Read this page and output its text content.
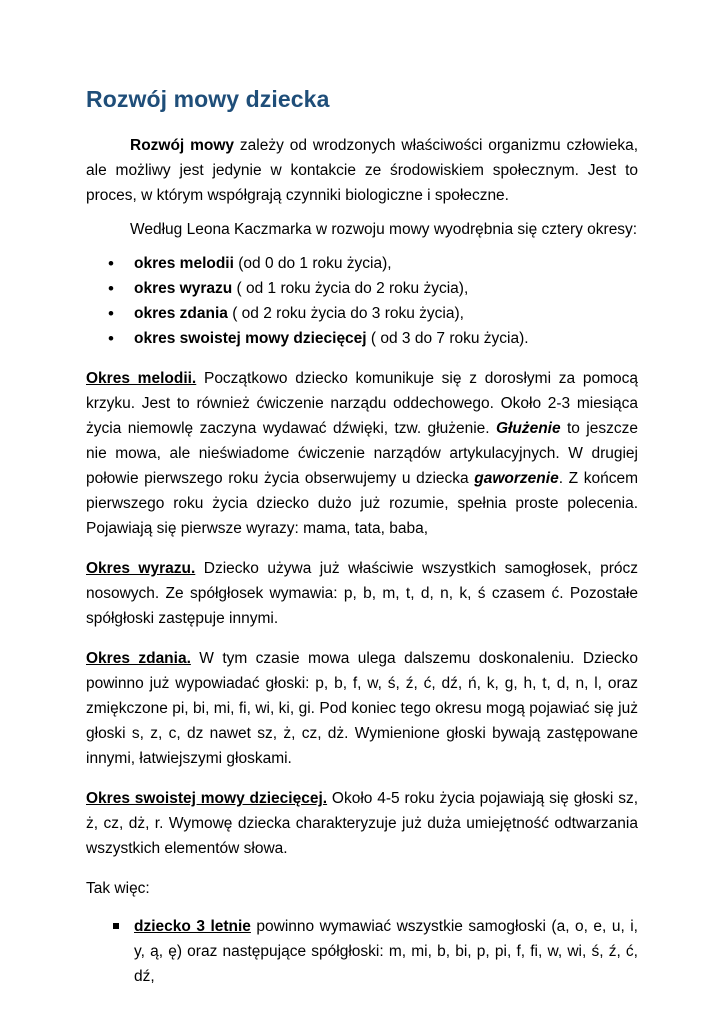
Rozwój mowy dziecka

Rozwój mowy zależy od wrodzonych właściwości organizmu człowieka, ale możliwy jest jedynie w kontakcie ze środowiskiem społecznym. Jest to proces, w którym współgrają czynniki biologiczne i społeczne.

Według Leona Kaczmarka w rozwoju mowy wyodrębnia się cztery okresy:

• okres melodii (od 0 do 1 roku życia),
• okres wyrazu ( od 1 roku życia do 2 roku życia),
• okres zdania ( od 2 roku życia do 3 roku życia),
• okres swoistej mowy dziecięcej ( od 3 do 7 roku życia).

Okres melodii. Początkowo dziecko komunikuje się z dorosłymi za pomocą krzyku. Jest to również ćwiczenie narządu oddechowego. Około 2-3 miesiąca życia niemowlę zaczyna wydawać dźwięki, tzw. głużenie. Głużenie to jeszcze nie mowa, ale nieświadome ćwiczenie narządów artykulacyjnych. W drugiej połowie pierwszego roku życia obserwujemy u dziecka gaworzenie. Z końcem pierwszego roku życia dziecko dużo już rozumie, spełnia proste polecenia. Pojawiają się pierwsze wyrazy: mama, tata, baba,

Okres wyrazu. Dziecko używa już właściwie wszystkich samogłosek, prócz nosowych. Ze spółgłosek wymawia: p, b, m, t, d, n, k, ś czasem ć. Pozostałe spółgłoski zastępuje innymi.

Okres zdania. W tym czasie mowa ulega dalszemu doskonaleniu. Dziecko powinno już wypowiadać głoski: p, b, f, w, ś, ź, ć, dź, ń, k, g, h, t, d, n, l, oraz zmiękczone pi, bi, mi, fi, wi, ki, gi. Pod koniec tego okresu mogą pojawiać się już głoski s, z, c, dz nawet sz, ż, cz, dż. Wymienione głoski bywają zastępowane innymi, łatwiejszymi głoskami.

Okres swoistej mowy dziecięcej. Około 4-5 roku życia pojawiają się głoski sz, ż, cz, dż, r. Wymowę dziecka charakteryzuje już duża umiejętność odtwarzania wszystkich elementów słowa.

Tak więc:

dziecko 3 letnie powinno wymawiać wszystkie samogłoski (a, o, e, u, i, y, ą, ę) oraz następujące spółgłoski: m, mi, b, bi, p, pi, f, fi, w, wi, ś, ź, ć, dź,
